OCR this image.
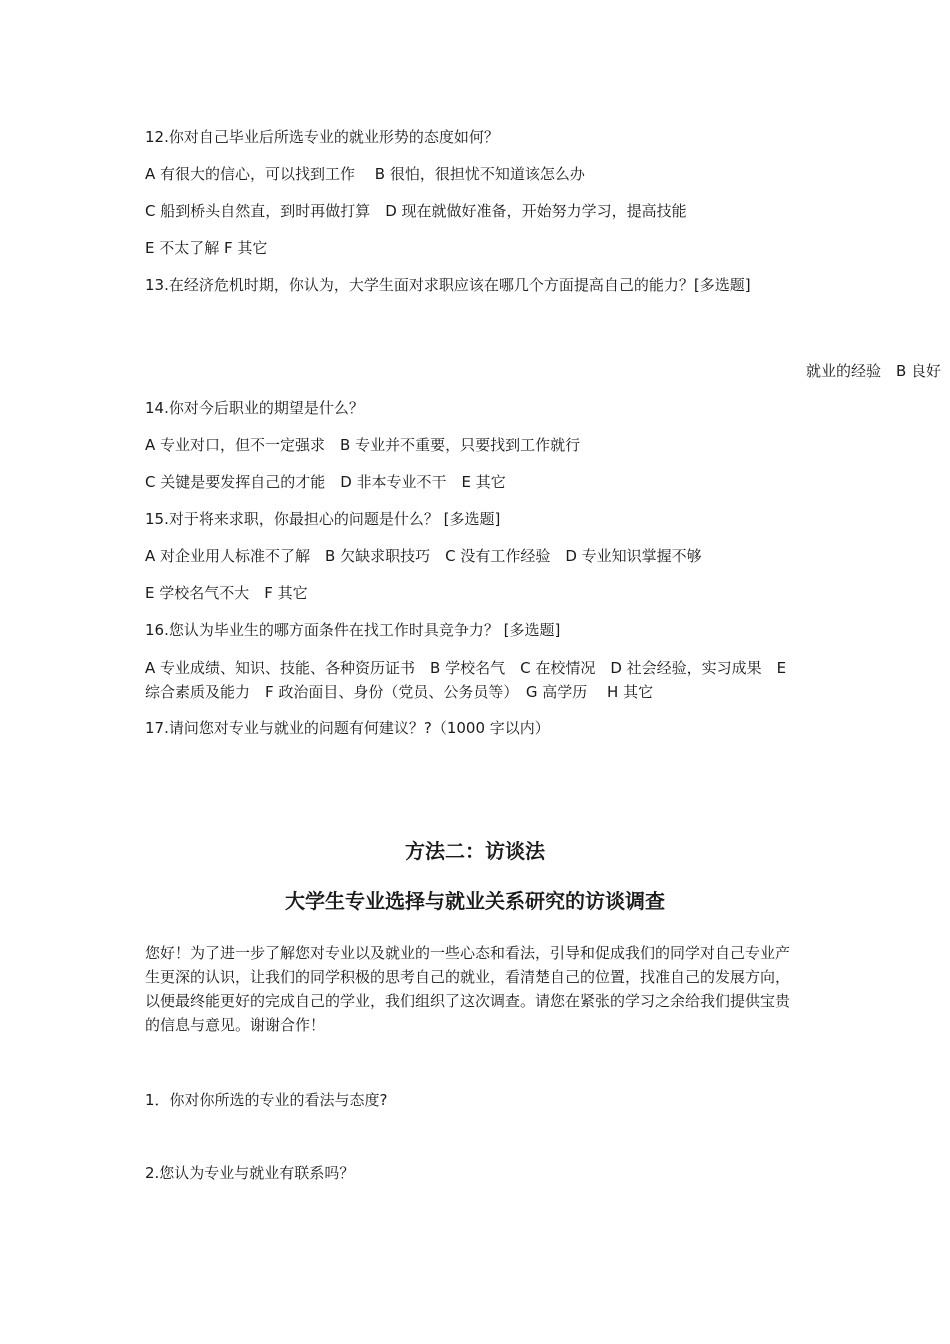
12.你对自己毕业后所选专业的就业形势的态度如何？
A 有很大的信心，可以找到工作　 B 很怕，很担忧不知道该怎么办
C 船到桥头自然直，到时再做打算　D 现在就做好准备，开始努力学习，提高技能
E 不太了解 F 其它
13.在经济危机时期，你认为，大学生面对求职应该在哪几个方面提高自己的能力？[多选题]
就业的经验　B 良好
14.你对今后职业的期望是什么？
A 专业对口，但不一定强求　B 专业并不重要，只要找到工作就行
C 关键是要发挥自己的才能　D 非本专业不干　E 其它
15.对于将来求职，你最担心的问题是什么？ [多选题]
A 对企业用人标准不了解　B 欠缺求职技巧　C 没有工作经验　D 专业知识掌握不够
E 学校名气不大　F 其它
16.您认为毕业生的哪方面条件在找工作时具竞争力？ [多选题]
A 专业成绩、知识、技能、各种资历证书　B 学校名气　C 在校情况　D 社会经验，实习成果　E 综合素质及能力　F 政治面目、身份（党员、公务员等）　G 高学历　 H 其它
17.请问您对专业与就业的问题有何建议？?（1000 字以内）
方法二：访谈法
大学生专业选择与就业关系研究的访谈调查
您好！为了进一步了解您对专业以及就业的一些心态和看法，引导和促成我们的同学对自己专业产生更深的认识，让我们的同学积极的思考自己的就业，看清楚自己的位置，找准自己的发展方向，以便最终能更好的完成自己的学业，我们组织了这次调查。请您在紧张的学习之余给我们提供宝贵的信息与意见。谢谢合作！
1．你对你所选的专业的看法与态度?
2.您认为专业与就业有联系吗？
